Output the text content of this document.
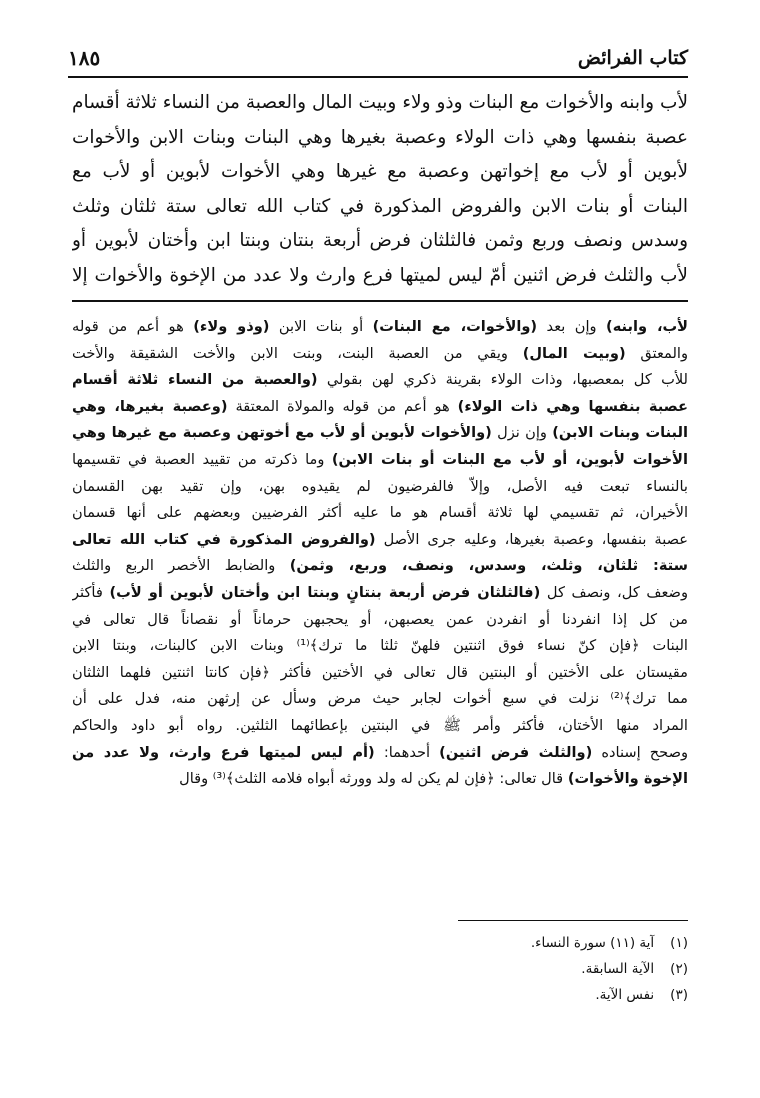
كتاب الفرائض
١٨٥
لأب وابنه والأخوات مع البنات وذو ولاء وبيت المال والعصبة من النساء ثلاثة أقسام
عصبة بنفسها وهي ذات الولاء وعصبة بغيرها وهي البنات وبنات الابن والأخوات
لأبوين أو لأب مع إخواتهن وعصبة مع غيرها وهي الأخوات لأبوين أو لأب مع
البنات أو بنات الابن والفروض المذكورة في كتاب الله تعالى ستة ثلثان وثلث
وسدس ونصف وربع وثمن فالثلثان فرض أربعة بنتان وبنتا ابن وأختان لأبوين أو
لأب والثلث فرض اثنين أمّ ليس لميتها فرع وارث ولا عدد من الإخوة والأخوات إلا
لأب، وابنه) وإن بعد (والأخوات، مع البنات) أو بنات الابن (وذو ولاء) هو أعم من قوله
والمعتق (وبيت المال) ويقي من العصبة البنت، وبنت الابن والأخت الشقيقة والأخت
للأب كل بمعصبها، وذات الولاء بقرينة ذكري لهن بقولي (والعصبة من النساء ثلاثة أقسام
عصبة بنفسها وهي ذات الولاء) هو أعم من قوله والمولاة المعتقة (وعصبة بغيرها، وهي
البنات وبنات الابن) وإن نزل (والأخوات لأبوين أو لأب مع أخوتهن وعصبة مع غيرها وهي
الأخوات لأبوين، أو لأب مع البنات أو بنات الابن) وما ذكرته من تقييد العصبة في تقسيمها
بالنساء تبعت فيه الأصل، وإلاّ فالفرضيون لم يقيدوه بهن، وإن تقيد بهن القسمان
الأخيران، ثم تقسيمي لها ثلاثة أقسام هو ما عليه أكثر الفرضيين وبعضهم على أنها قسمان
عصبة بنفسها، وعصبة بغيرها، وعليه جرى الأصل (والفروض المذكورة في كتاب الله تعالى
ستة: ثلثان، وثلث، وسدس، ونصف، وربع، وثمن) والضابط الأخصر الربع والثلث
وضعف كل، ونصف كل (فالثلثان فرض أربعة بنتانٍ وبنتا ابن وأختان لأبوين أو لأب) فأكثر
من كل إذا انفردنا أو انفردن عمن يعصبهن، أو يحجبهن حرماناً أو نقصاناً قال تعالى في
البنات ﴿فإن كنّ نساء فوق اثنتين فلهنّ ثلثا ما ترك﴾⁽¹⁾ وبنات الابن كالبنات، وبنتا الابن
مقيستان على الأختين أو البنتين قال تعالى في الأختين فأكثر ﴿فإن كانتا اثنتين فلهما الثلثان
مما ترك﴾⁽²⁾ نزلت في سبع أخوات لجابر حيث مرض وسأل عن إرثهن منه، فدل على أن
المراد منها الأختان، فأكثر وأمر ﷺ في البنتين بإعطائهما الثلثين. رواه أبو داود والحاكم
وصحح إسناده (والثلث فرض اثنين) أحدهما: (أم ليس لميتها فرع وارث، ولا عدد من
الإخوة والأخوات) قال تعالى: ﴿فإن لم يكن له ولد وورثه أبواه فلامه الثلث﴾⁽³⁾ وقال
(١)آية (١١) سورة النساء.
(٢)الآية السابقة.
(٣)نفس الآية.
